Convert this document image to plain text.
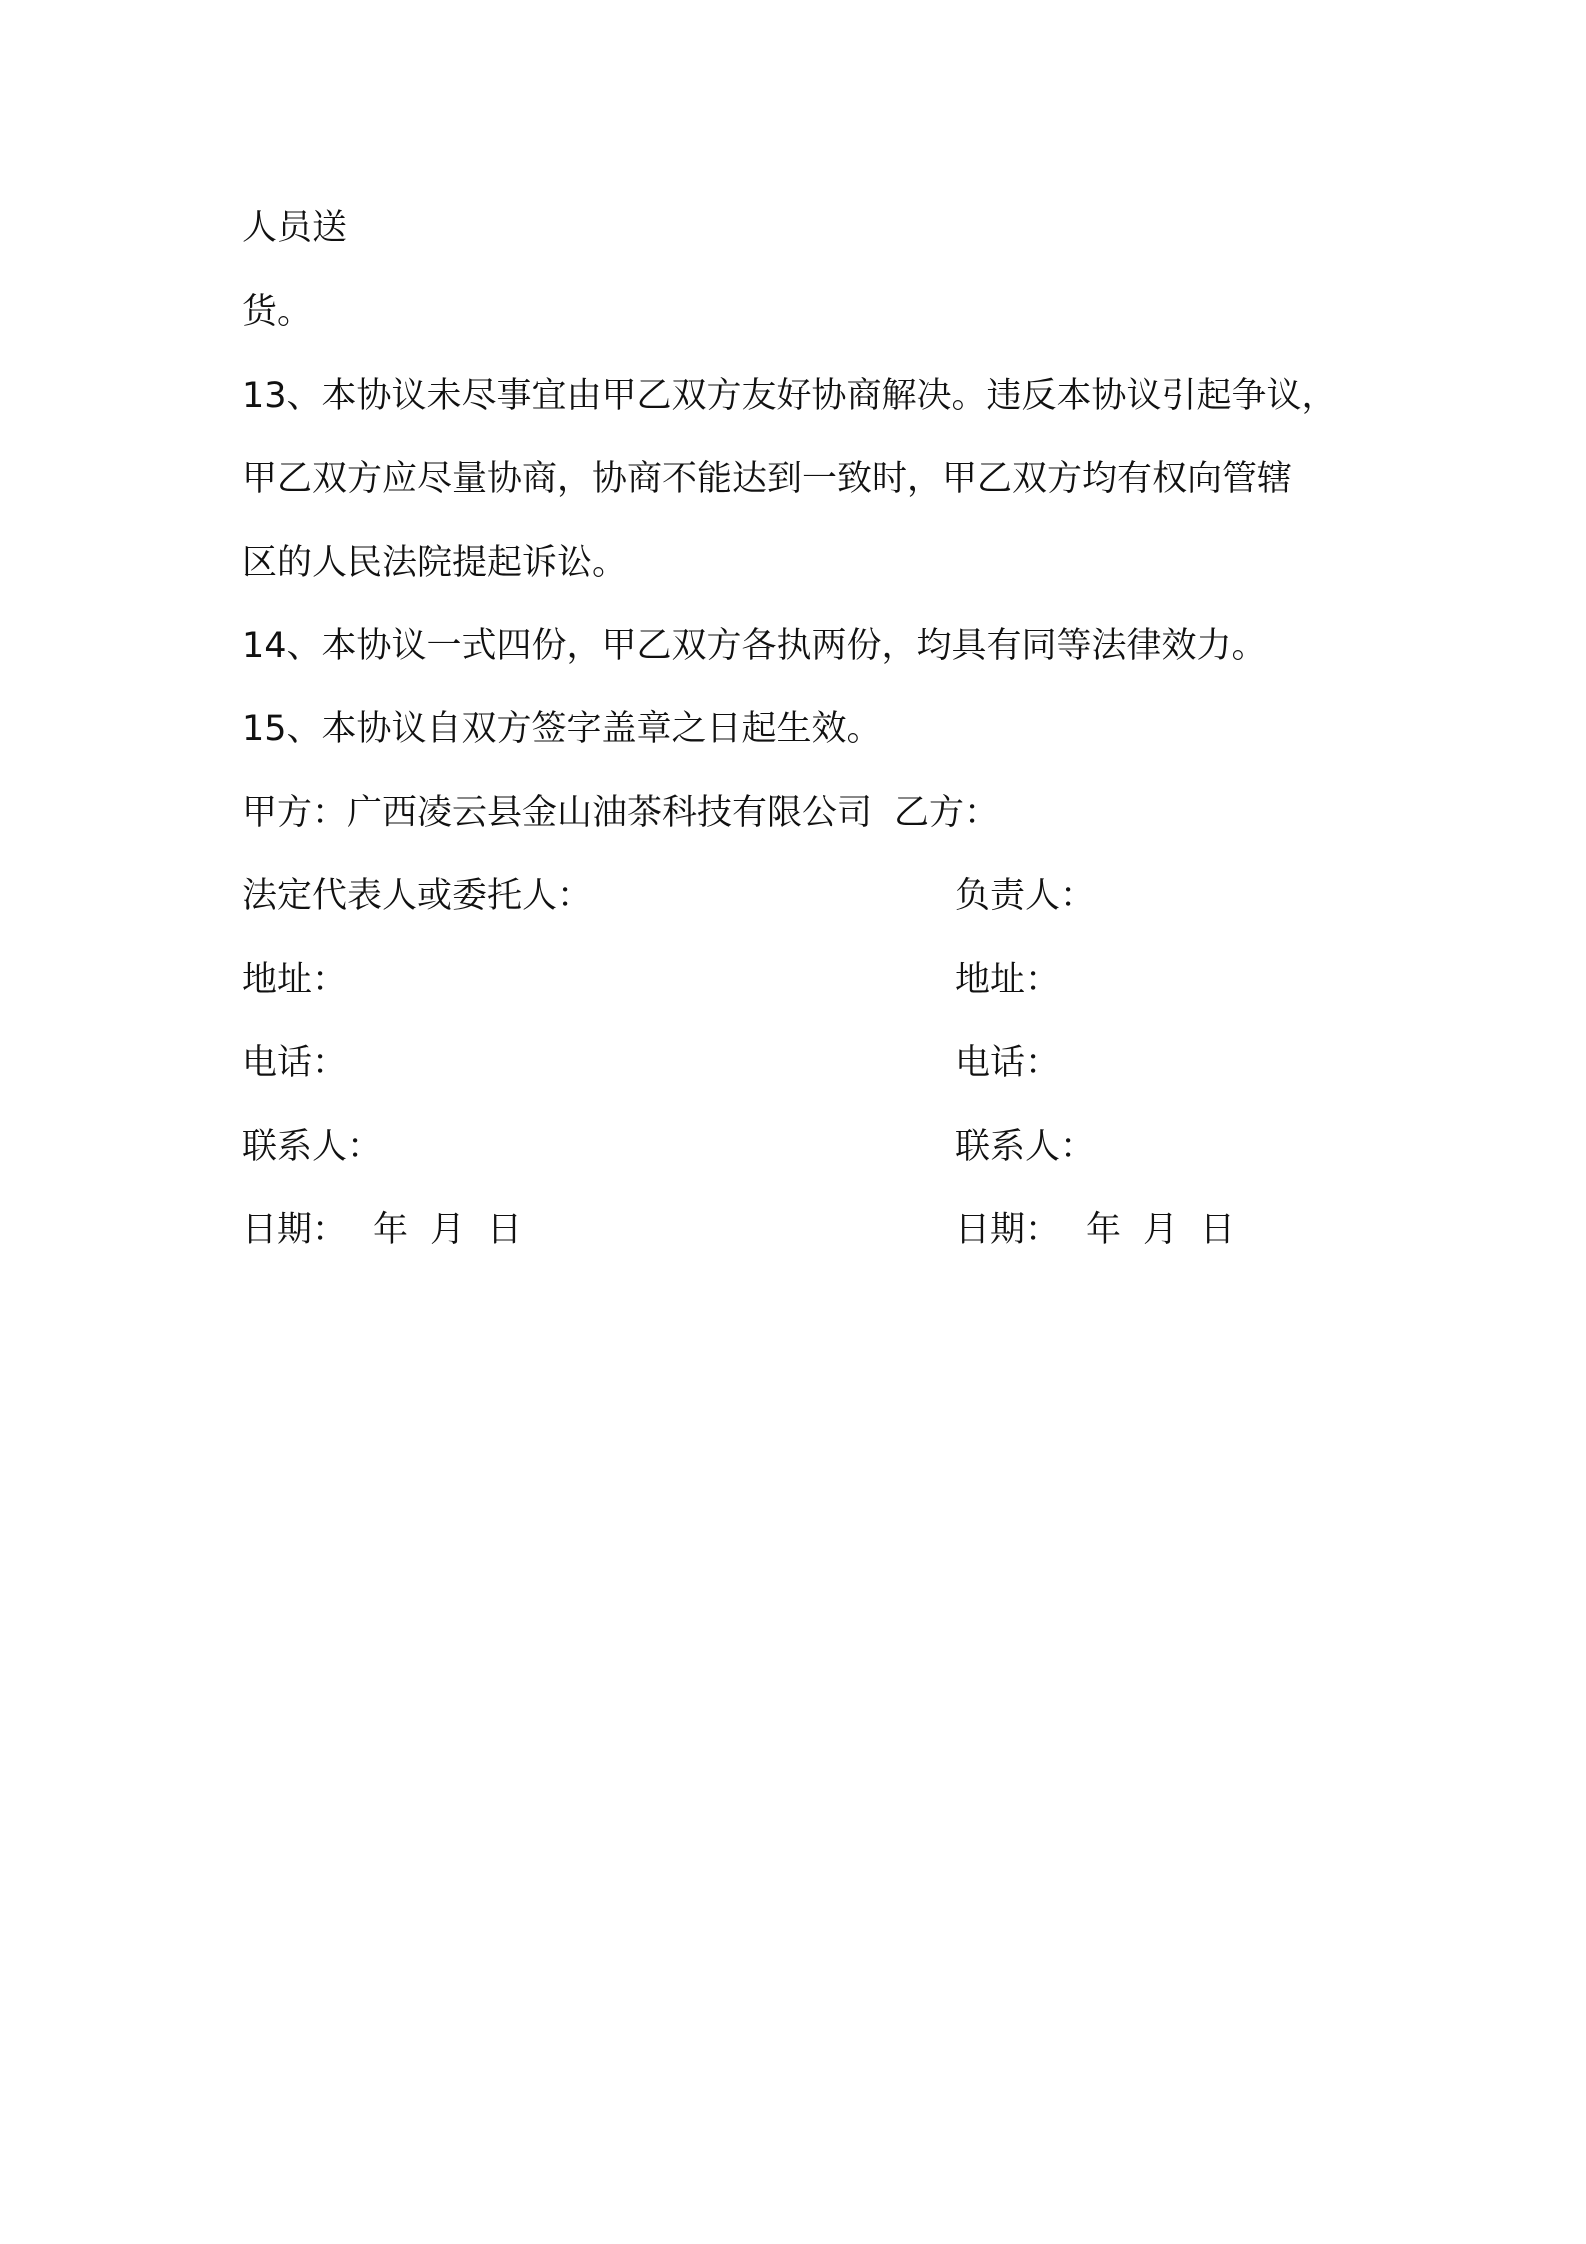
人员送
货。
13、本协议未尽事宜由甲乙双方友好协商解决。违反本协议引起争议，
甲乙双方应尽量协商，协商不能达到一致时，甲乙双方均有权向管辖
区的人民法院提起诉讼。
14、本协议一式四份，甲乙双方各执两份，均具有同等法律效力。
15、本协议自双方签字盖章之日起生效。
甲方：广西凌云县金山油茶科技有限公司 乙方：
法定代表人或委托人：	负责人：
地址：	地址：
电话：	电话：
联系人：	联系人：
日期： 年 月 日	日期： 年 月 日
